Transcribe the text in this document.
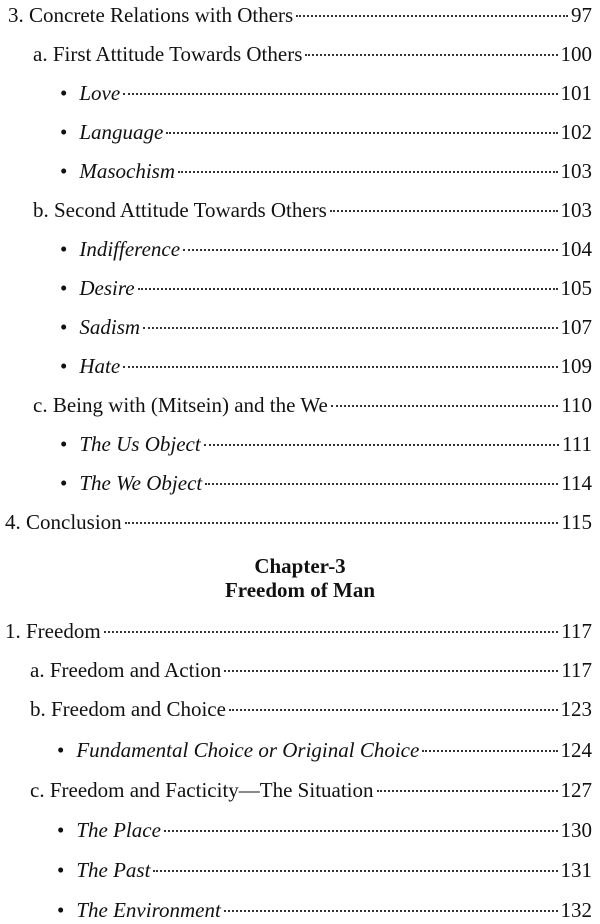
3. Concrete Relations with Others	97
a. First Attitude Towards Others	100
• Love	101
• Language	102
• Masochism	103
b. Second Attitude Towards Others	103
• Indifference	104
• Desire	105
• Sadism	107
• Hate	109
c. Being with (Mitsein) and the We	110
• The Us Object	111
• The We Object	114
4. Conclusion	115
Chapter-3
Freedom of Man
1. Freedom	117
a. Freedom and Action	117
b. Freedom and Choice	123
• Fundamental Choice or Original Choice	124
c. Freedom and Facticity—The Situation	127
• The Place	130
• The Past	131
• The Environment	132
